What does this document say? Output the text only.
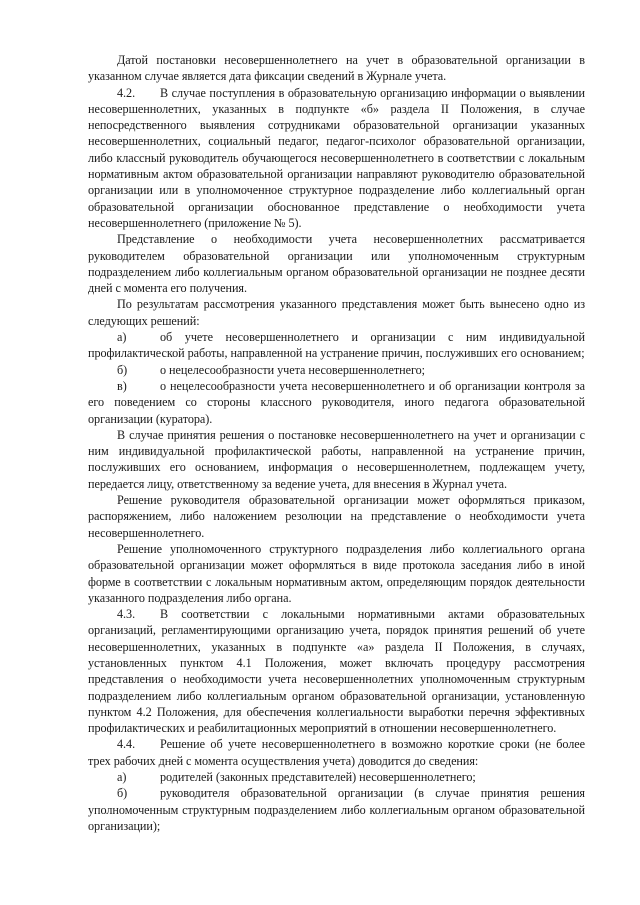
Датой постановки несовершеннолетнего на учет в образовательной организации в указанном случае является дата фиксации сведений в Журнале учета.

4.2. В случае поступления в образовательную организацию информации о выявлении несовершеннолетних, указанных в подпункте «б» раздела II Положения, в случае непосредственного выявления сотрудниками образовательной организации указанных несовершеннолетних, социальный педагог, педагог-психолог образовательной организации, либо классный руководитель обучающегося несовершеннолетнего в соответствии с локальным нормативным актом образовательной организации направляют руководителю образовательной организации или в уполномоченное структурное подразделение либо коллегиальный орган образовательной организации обоснованное представление о необходимости учета несовершеннолетнего (приложение № 5).

Представление о необходимости учета несовершеннолетних рассматривается руководителем образовательной организации или уполномоченным структурным подразделением либо коллегиальным органом образовательной организации не позднее десяти дней с момента его получения.

По результатам рассмотрения указанного представления может быть вынесено одно из следующих решений:

а)	об учете несовершеннолетнего и организации с ним индивидуальной профилактической работы, направленной на устранение причин, послуживших его основанием;

б)	о нецелесообразности учета несовершеннолетнего;

в)	о нецелесообразности учета несовершеннолетнего и об организации контроля за его поведением со стороны классного руководителя, иного педагога образовательной организации (куратора).

В случае принятия решения о постановке несовершеннолетнего на учет и организации с ним индивидуальной профилактической работы, направленной на устранение причин, послуживших его основанием, информация о несовершеннолетнем, подлежащем учету, передается лицу, ответственному за ведение учета, для внесения в Журнал учета.

Решение руководителя образовательной организации может оформляться приказом, распоряжением, либо наложением резолюции на представление о необходимости учета несовершеннолетнего.

Решение уполномоченного структурного подразделения либо коллегиального органа образовательной организации может оформляться в виде протокола заседания либо в иной форме в соответствии с локальным нормативным актом, определяющим порядок деятельности указанного подразделения либо органа.

4.3. В соответствии с локальными нормативными актами образовательных организаций, регламентирующими организацию учета, порядок принятия решений об учете несовершеннолетних, указанных в подпункте «а» раздела II Положения, в случаях, установленных пунктом 4.1 Положения, может включать процедуру рассмотрения представления о необходимости учета несовершеннолетних уполномоченным структурным подразделением либо коллегиальным органом образовательной организации, установленную пунктом 4.2 Положения, для обеспечения коллегиальности выработки перечня эффективных профилактических и реабилитационных мероприятий в отношении несовершеннолетнего.

4.4. Решение об учете несовершеннолетнего в возможно короткие сроки (не более трех рабочих дней с момента осуществления учета) доводится до сведения:

а)	родителей (законных представителей) несовершеннолетнего;

б)	руководителя образовательной организации (в случае принятия решения уполномоченным структурным подразделением либо коллегиальным органом образовательной организации);
